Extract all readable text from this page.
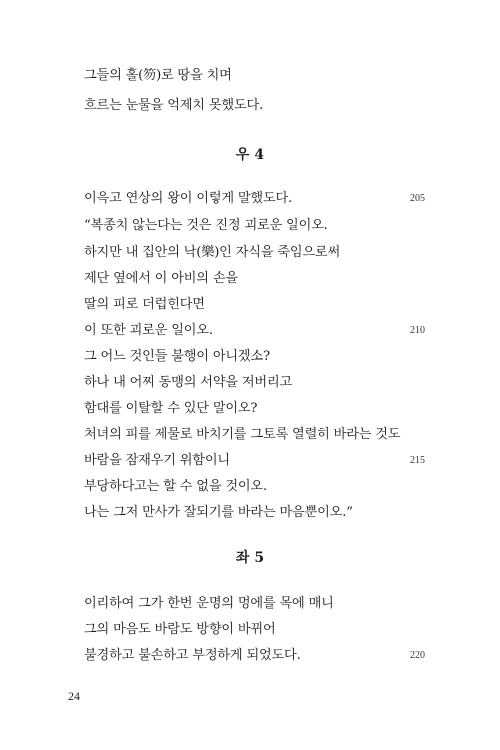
그들의 홀(笏)로 땅을 치며
흐르는 눈물을 억제치 못했도다.
우 4
이윽고 연상의 왕이 이렇게 말했도다.	205
“복종치 않는다는 것은 진정 괴로운 일이오.
하지만 내 집안의 낙(樂)인 자식을 죽임으로써
제단 옆에서 이 아비의 손을
딸의 피로 더럽힌다면
이 또한 괴로운 일이오.	210
그 어느 것인들 불행이 아니겠소?
하나 내 어찌 동맹의 서약을 저버리고
함대를 이탈할 수 있단 말이오?
처녀의 피를 제물로 바치기를 그토록 열렬히 바라는 것도
바람을 잠재우기 위함이니	215
부당하다고는 할 수 없을 것이오.
나는 그저 만사가 잘되기를 바라는 마음뿐이오.”
좌 5
이리하여 그가 한번 운명의 멍에를 목에 매니
그의 마음도 바람도 방향이 바뀌어
불경하고 불손하고 부정하게 되었도다.	220
24
